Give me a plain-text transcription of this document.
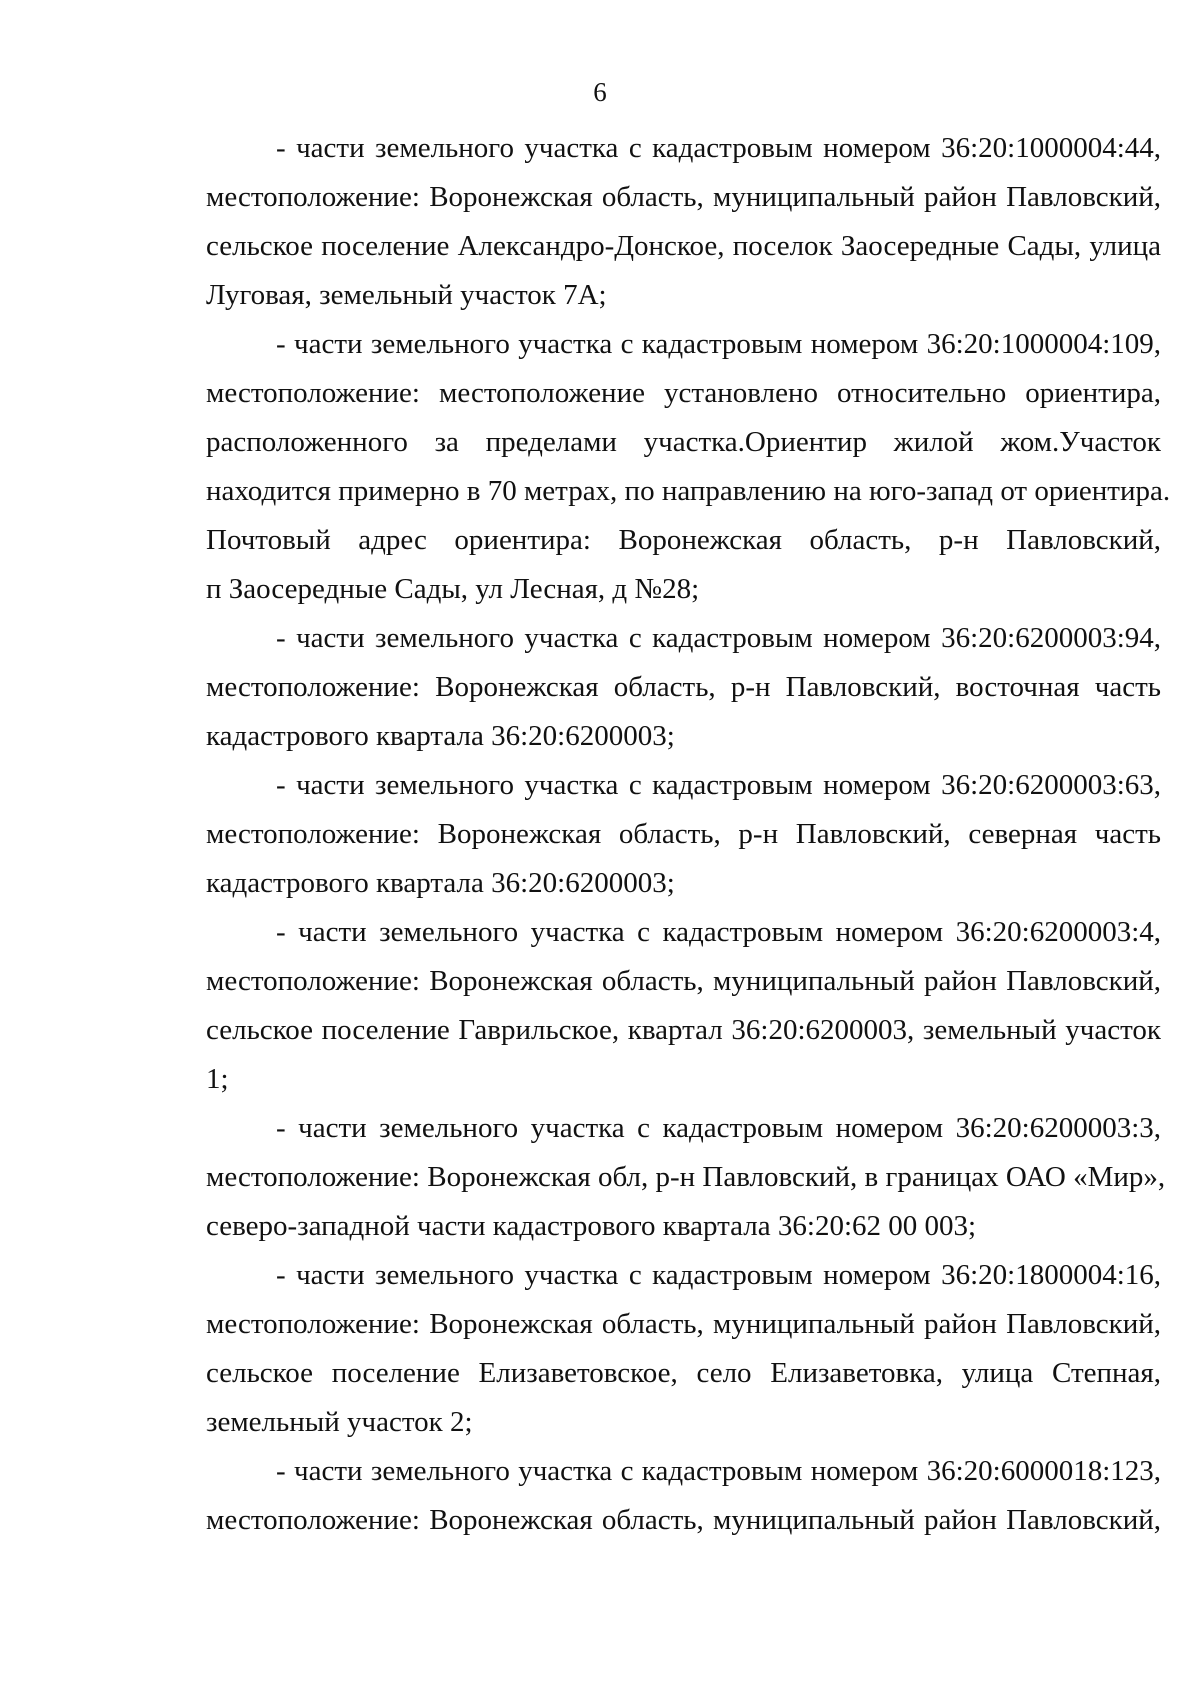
6
- части земельного участка с кадастровым номером 36:20:1000004:44,
местоположение: Воронежская область, муниципальный район Павловский,
сельское поселение Александро-Донское, поселок Заосередные Сады, улица
Луговая, земельный участок 7А;
- части земельного участка с кадастровым номером 36:20:1000004:109,
местоположение: местоположение установлено относительно ориентира,
расположенного за пределами участка.Ориентир жилой жом.Участок
находится примерно в 70 метрах, по направлению на юго-запад от ориентира.
Почтовый адрес ориентира: Воронежская область, р-н Павловский,
п Заосередные Сады, ул Лесная, д №28;
- части земельного участка с кадастровым номером 36:20:6200003:94,
местоположение: Воронежская область, р-н Павловский, восточная часть
кадастрового квартала 36:20:6200003;
- части земельного участка с кадастровым номером 36:20:6200003:63,
местоположение: Воронежская область, р-н Павловский, северная часть
кадастрового квартала 36:20:6200003;
- части земельного участка с кадастровым номером 36:20:6200003:4,
местоположение: Воронежская область, муниципальный район Павловский,
сельское поселение Гаврильское, квартал 36:20:6200003, земельный участок
1;
- части земельного участка с кадастровым номером 36:20:6200003:3,
местоположение: Воронежская обл, р-н Павловский, в границах ОАО «Мир»,
северо-западной части кадастрового квартала 36:20:62 00 003;
- части земельного участка с кадастровым номером 36:20:1800004:16,
местоположение: Воронежская область, муниципальный район Павловский,
сельское поселение Елизаветовское, село Елизаветовка, улица Степная,
земельный участок 2;
- части земельного участка с кадастровым номером 36:20:6000018:123,
местоположение: Воронежская область, муниципальный район Павловский,
